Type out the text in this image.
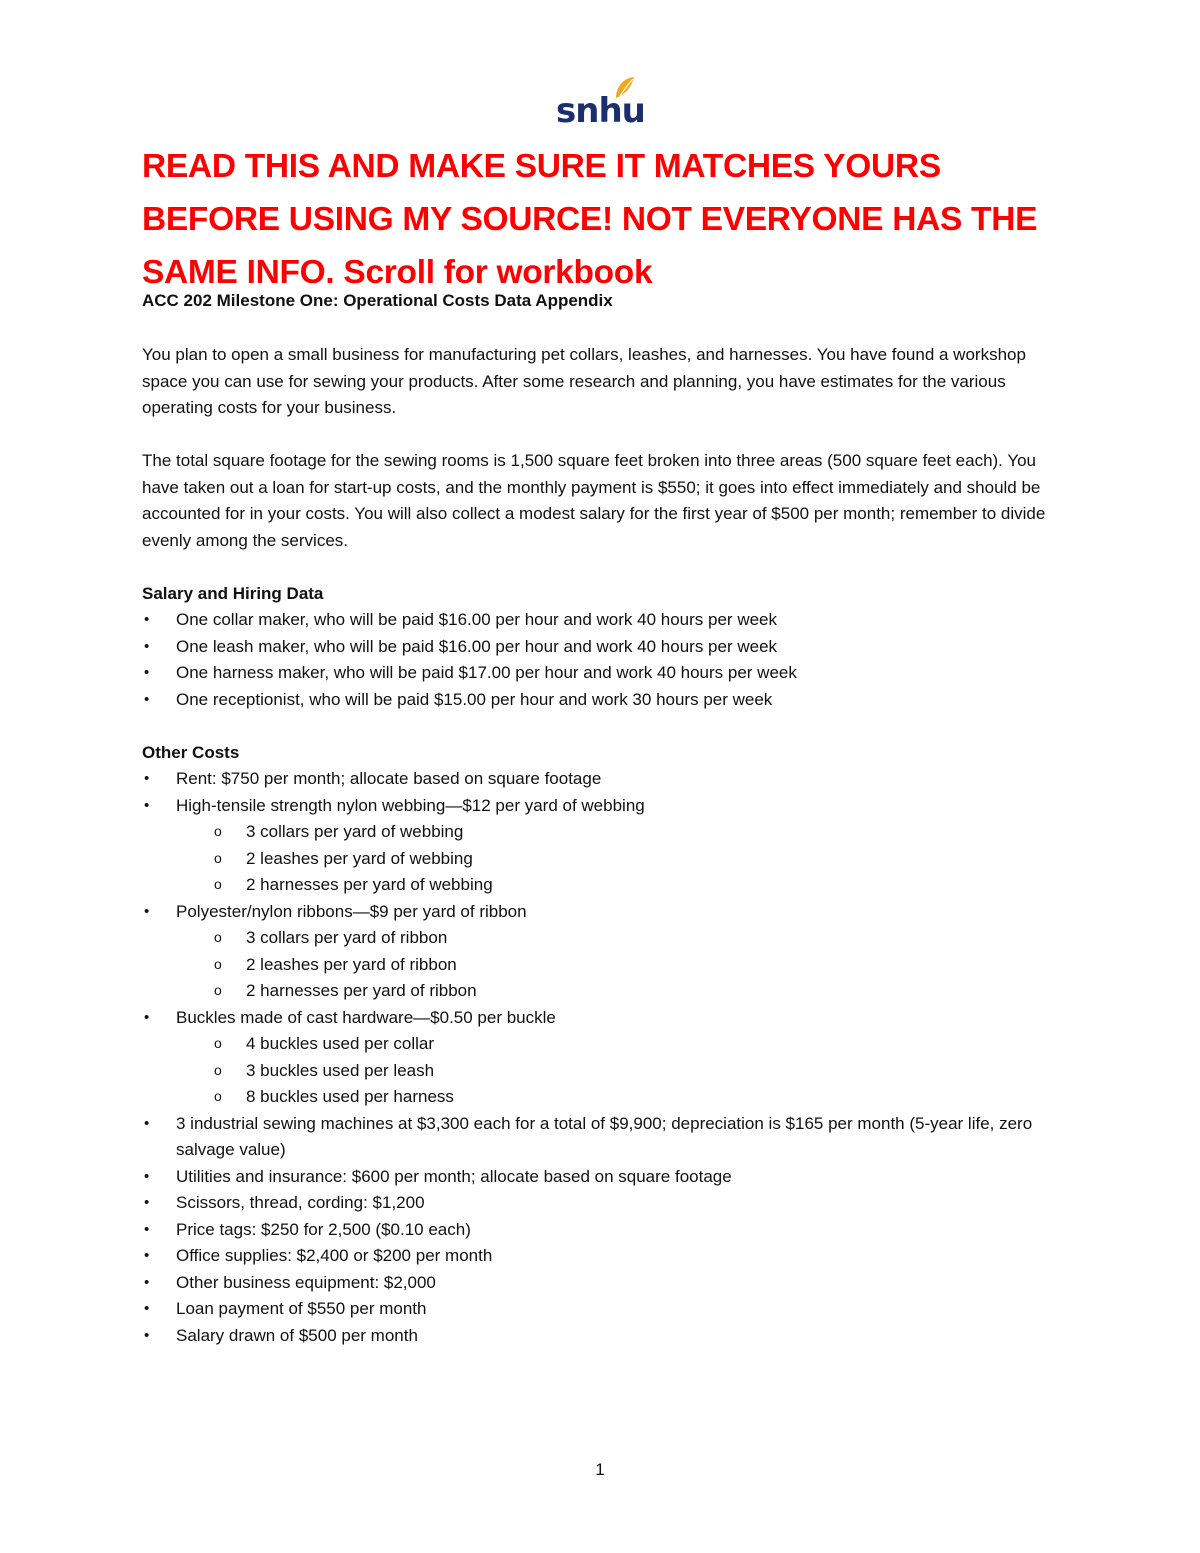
snhu
READ THIS AND MAKE SURE IT MATCHES YOURS BEFORE USING MY SOURCE! NOT EVERYONE HAS THE SAME INFO. Scroll for workbook
ACC 202 Milestone One: Operational Costs Data Appendix

You plan to open a small business for manufacturing pet collars, leashes, and harnesses. You have found a workshop space you can use for sewing your products. After some research and planning, you have estimates for the various operating costs for your business.

The total square footage for the sewing rooms is 1,500 square feet broken into three areas (500 square feet each). You have taken out a loan for start-up costs, and the monthly payment is $550; it goes into effect immediately and should be accounted for in your costs. You will also collect a modest salary for the first year of $500 per month; remember to divide evenly among the services.

Salary and Hiring Data

• One collar maker, who will be paid $16.00 per hour and work 40 hours per week
• One leash maker, who will be paid $16.00 per hour and work 40 hours per week
• One harness maker, who will be paid $17.00 per hour and work 40 hours per week
• One receptionist, who will be paid $15.00 per hour and work 30 hours per week

Other Costs

• Rent: $750 per month; allocate based on square footage
• High-tensile strength nylon webbing—$12 per yard of webbing
o 3 collars per yard of webbing
o 2 leashes per yard of webbing
o 2 harnesses per yard of webbing
• Polyester/nylon ribbons—$9 per yard of ribbon
o 3 collars per yard of ribbon
o 2 leashes per yard of ribbon
o 2 harnesses per yard of ribbon
• Buckles made of cast hardware—$0.50 per buckle
o 4 buckles used per collar
o 3 buckles used per leash
o 8 buckles used per harness
• 3 industrial sewing machines at $3,300 each for a total of $9,900; depreciation is $165 per month (5-year life, zero salvage value)
• Utilities and insurance: $600 per month; allocate based on square footage
• Scissors, thread, cording: $1,200
• Price tags: $250 for 2,500 ($0.10 each)
• Office supplies: $2,400 or $200 per month
• Other business equipment: $2,000
• Loan payment of $550 per month
• Salary drawn of $500 per month
1
